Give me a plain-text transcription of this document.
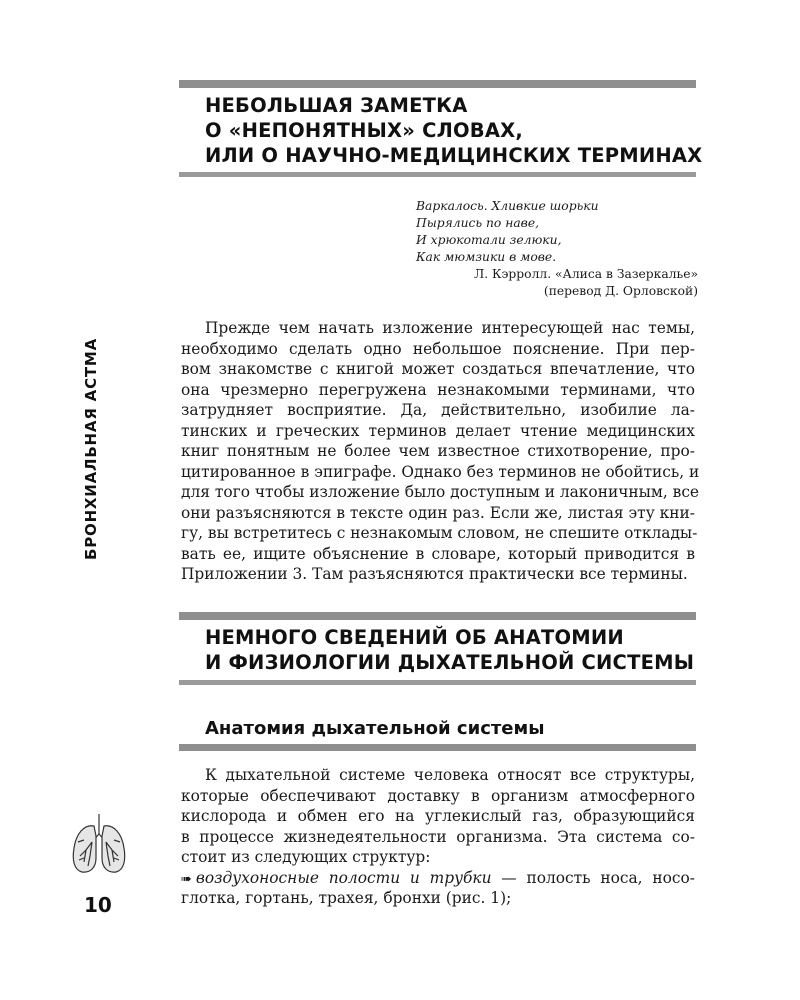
БРОНХИАЛЬНАЯ АСТМА
10
НЕБОЛЬШАЯ ЗАМЕТКА
О «НЕПОНЯТНЫХ» СЛОВАХ,
ИЛИ О НАУЧНО-МЕДИЦИНСКИХ ТЕРМИНАХ
Варкалось. Хливкие шорьки
Пырялись по наве,
И хрюкотали зелюки,
Как мюмзики в мове.
Л. Кэрролл. «Алиса в Зазеркалье»
(перевод Д. Орловской)
Прежде чем начать изложение интересующей нас темы,
необходимо сделать одно небольшое пояснение. При пер-
вом знакомстве с книгой может создаться впечатление, что
она чрезмерно перегружена незнакомыми терминами, что
затрудняет восприятие. Да, действительно, изобилие ла-
тинских и греческих терминов делает чтение медицинских
книг понятным не более чем известное стихотворение, про-
цитированное в эпиграфе. Однако без терминов не обойтись, и
для того чтобы изложение было доступным и лаконичным, все
они разъясняются в тексте один раз. Если же, листая эту кни-
гу, вы встретитесь с незнакомым словом, не спешите отклады-
вать ее, ищите объяснение в словаре, который приводится в
Приложении 3. Там разъясняются практически все термины.
НЕМНОГО СВЕДЕНИЙ ОБ АНАТОМИИ
И ФИЗИОЛОГИИ ДЫХАТЕЛЬНОЙ СИСТЕМЫ
Анатомия дыхательной системы
К дыхательной системе человека относят все структуры,
которые обеспечивают доставку в организм атмосферного
кислорода и обмен его на углекислый газ, образующийся
в процессе жизнедеятельности организма. Эта система со-
стоит из следующих структур:
➠ воздухоносные полости и трубки — полость носа, носо-
глотка, гортань, трахея, бронхи (рис. 1);
